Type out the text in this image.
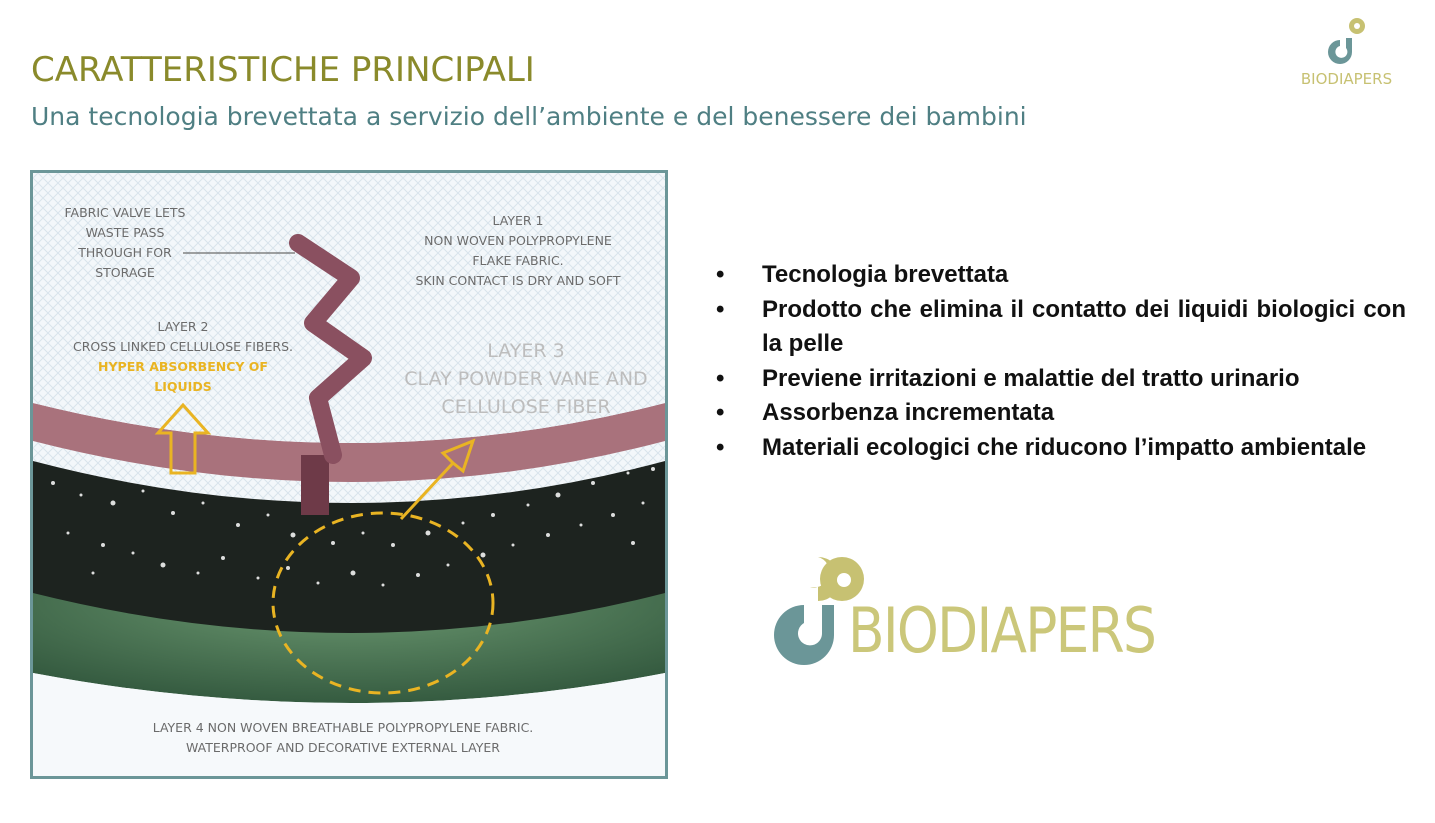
CARATTERISTICHE PRINCIPALI
Una tecnologia brevettata a servizio dell’ambiente e del benessere dei bambini
BIODIAPERS
FABRIC VALVE LETS
WASTE PASS
THROUGH FOR
STORAGE
LAYER 1
NON WOVEN POLYPROPYLENE
FLAKE FABRIC.
SKIN CONTACT IS DRY AND SOFT
LAYER 2
CROSS LINKED CELLULOSE FIBERS.
HYPER ABSORBENCY OF
LIQUIDS
LAYER 3
CLAY POWDER VANE AND
CELLULOSE FIBER
LAYER 4 NON WOVEN BREATHABLE POLYPROPYLENE FABRIC.
WATERPROOF AND DECORATIVE EXTERNAL LAYER
• Tecnologia brevettata
• Prodotto che elimina il contatto dei liquidi biologici con la pelle
• Previene irritazioni e malattie del tratto urinario
• Assorbenza incrementata
• Materiali ecologici che riducono l’impatto ambientale
BIODIAPERS
